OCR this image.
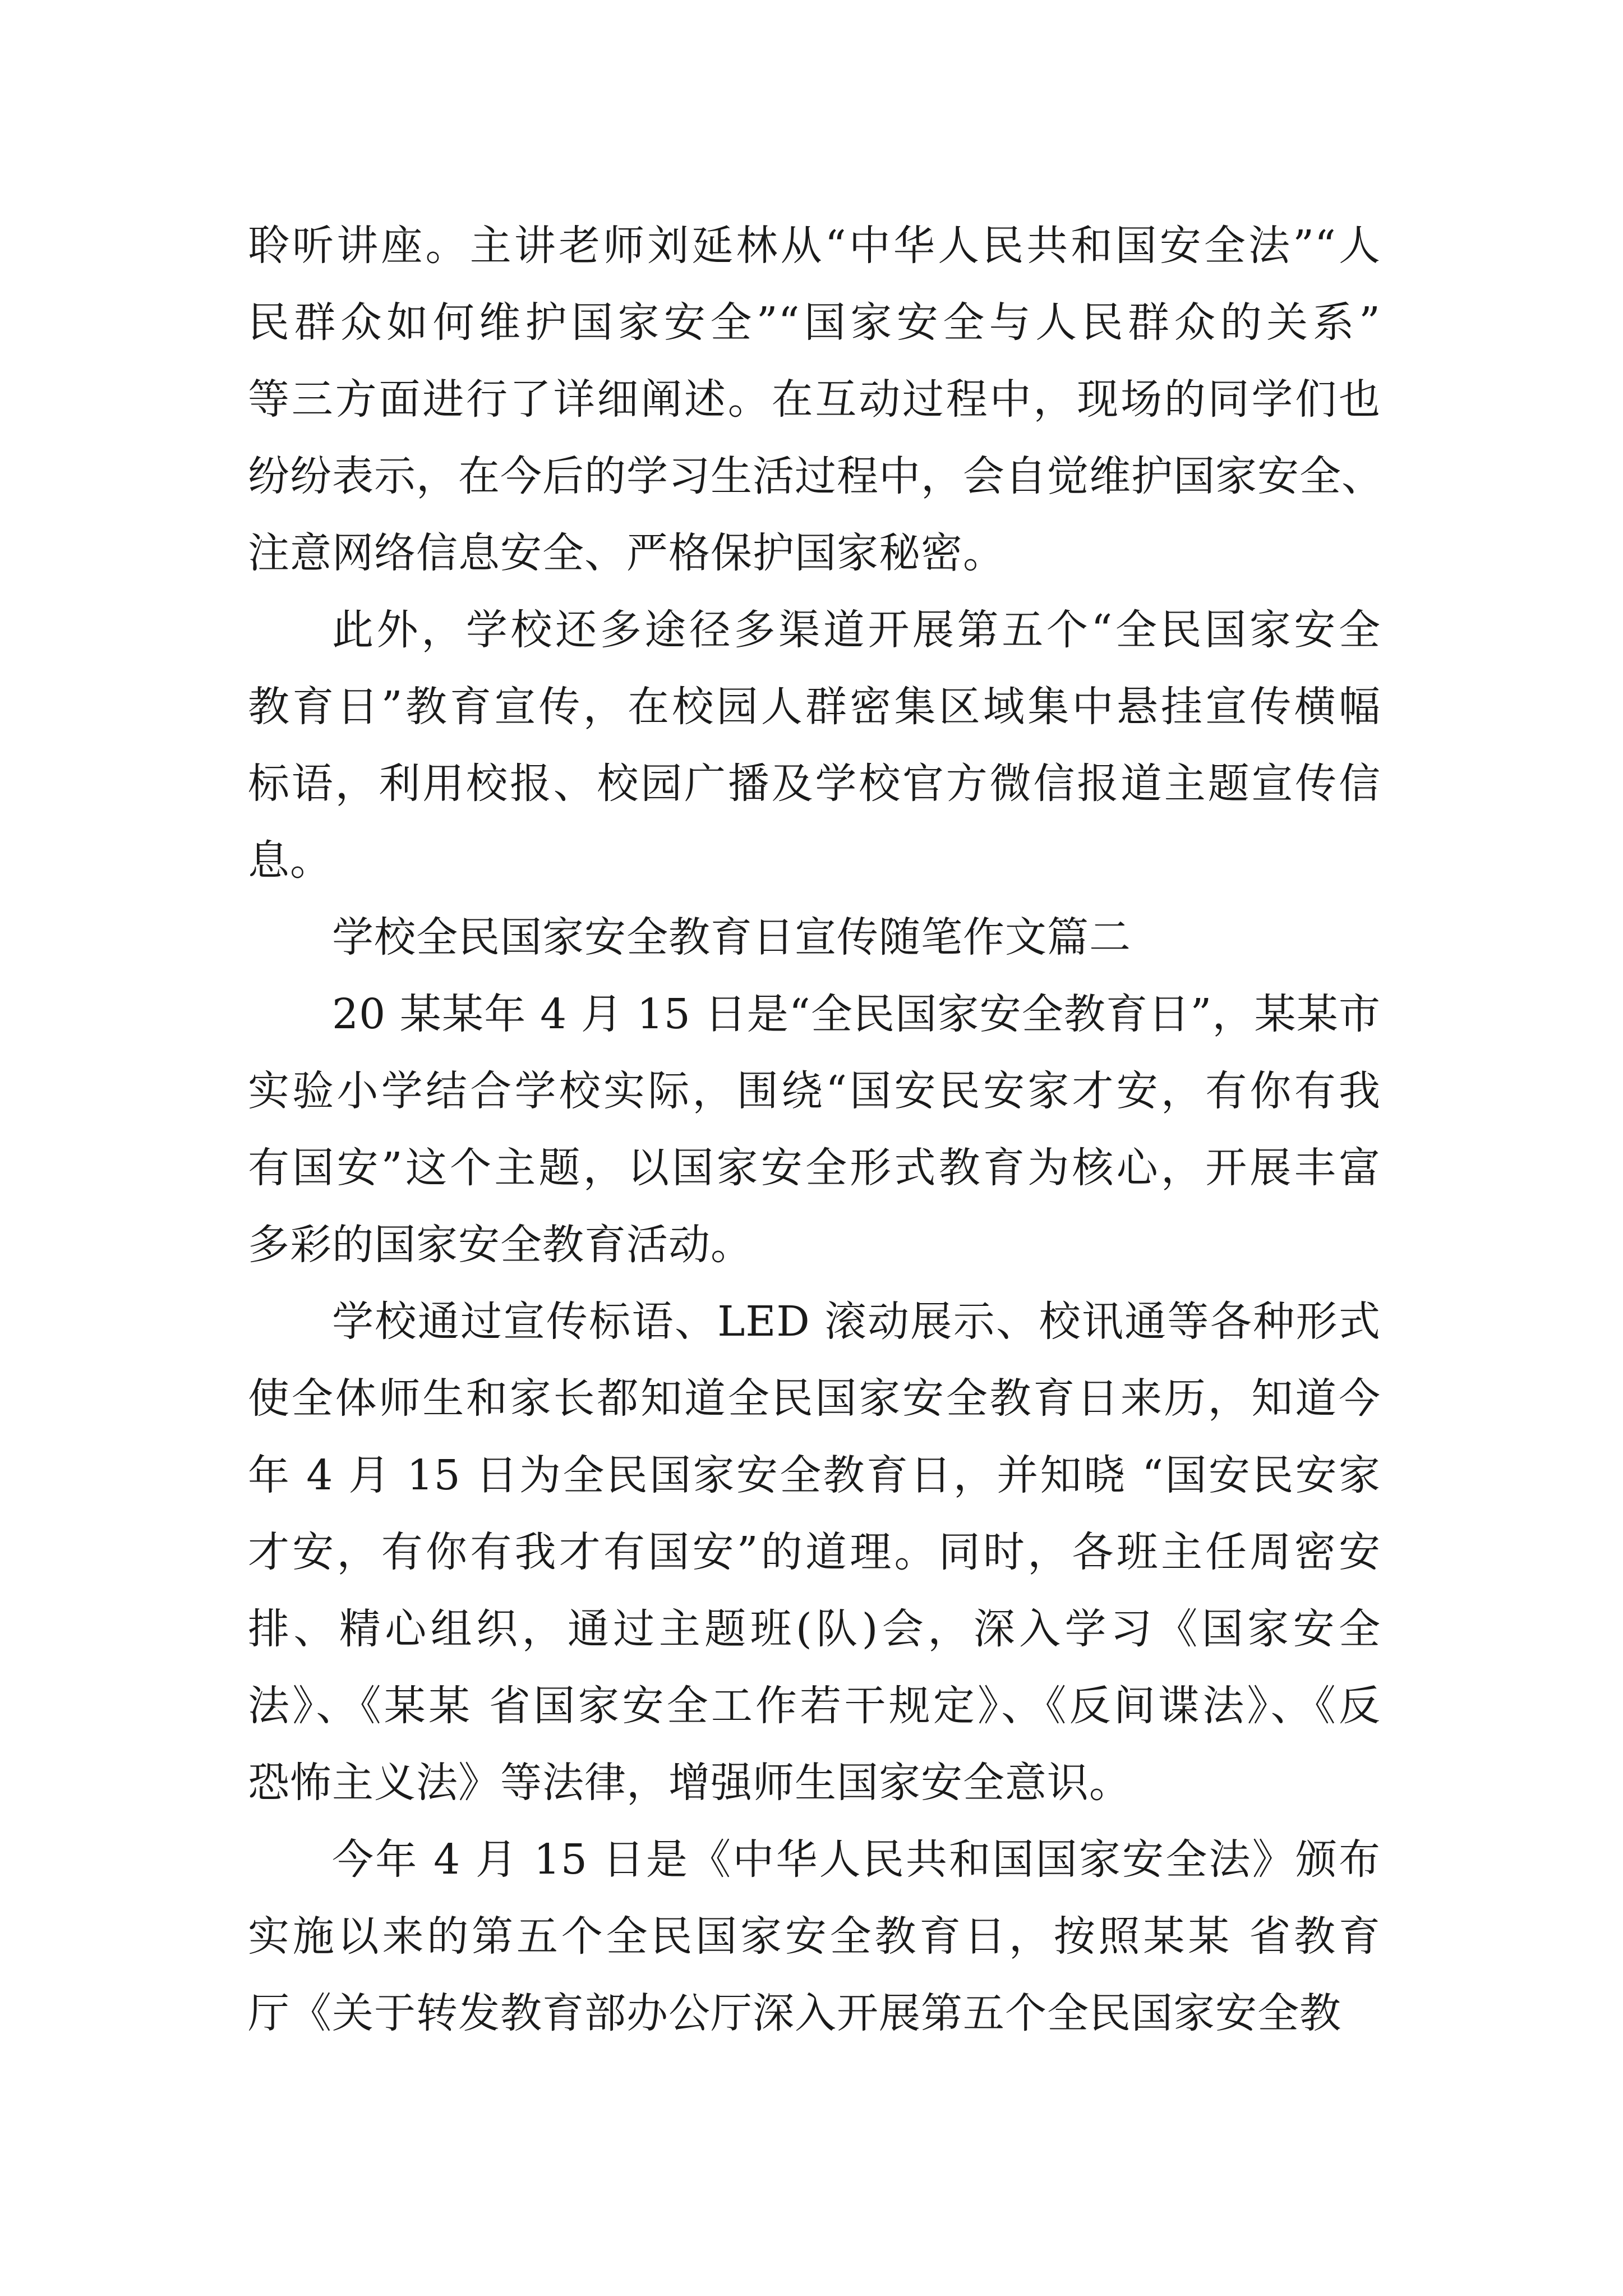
聆听讲座。主讲老师刘延林从“中华人民共和国安全法”“人
民群众如何维护国家安全”“国家安全与人民群众的关系”
等三方面进行了详细阐述。在互动过程中，现场的同学们也
纷纷表示，在今后的学习生活过程中，会自觉维护国家安全、
注意网络信息安全、严格保护国家秘密。
此外，学校还多途径多渠道开展第五个“全民国家安全
教育日”教育宣传，在校园人群密集区域集中悬挂宣传横幅
标语，利用校报、校园广播及学校官方微信报道主题宣传信
息。
学校全民国家安全教育日宣传随笔作文篇二
20 某某年 4 月 15 日是“全民国家安全教育日”，某某市
实验小学结合学校实际，围绕“国安民安家才安，有你有我
有国安”这个主题，以国家安全形式教育为核心，开展丰富
多彩的国家安全教育活动。
学校通过宣传标语、LED 滚动展示、校讯通等各种形式
使全体师生和家长都知道全民国家安全教育日来历，知道今
年 4 月 15 日为全民国家安全教育日，并知晓 “国安民安家
才安，有你有我才有国安”的道理。同时，各班主任周密安
排、精心组织，通过主题班(队)会，深入学习《国家安全
法》、《某某 省国家安全工作若干规定》、《反间谍法》、《反
恐怖主义法》等法律，增强师生国家安全意识。
今年 4 月 15 日是《中华人民共和国国家安全法》颁布
实施以来的第五个全民国家安全教育日，按照某某 省教育
厅《关于转发教育部办公厅深入开展第五个全民国家安全教
